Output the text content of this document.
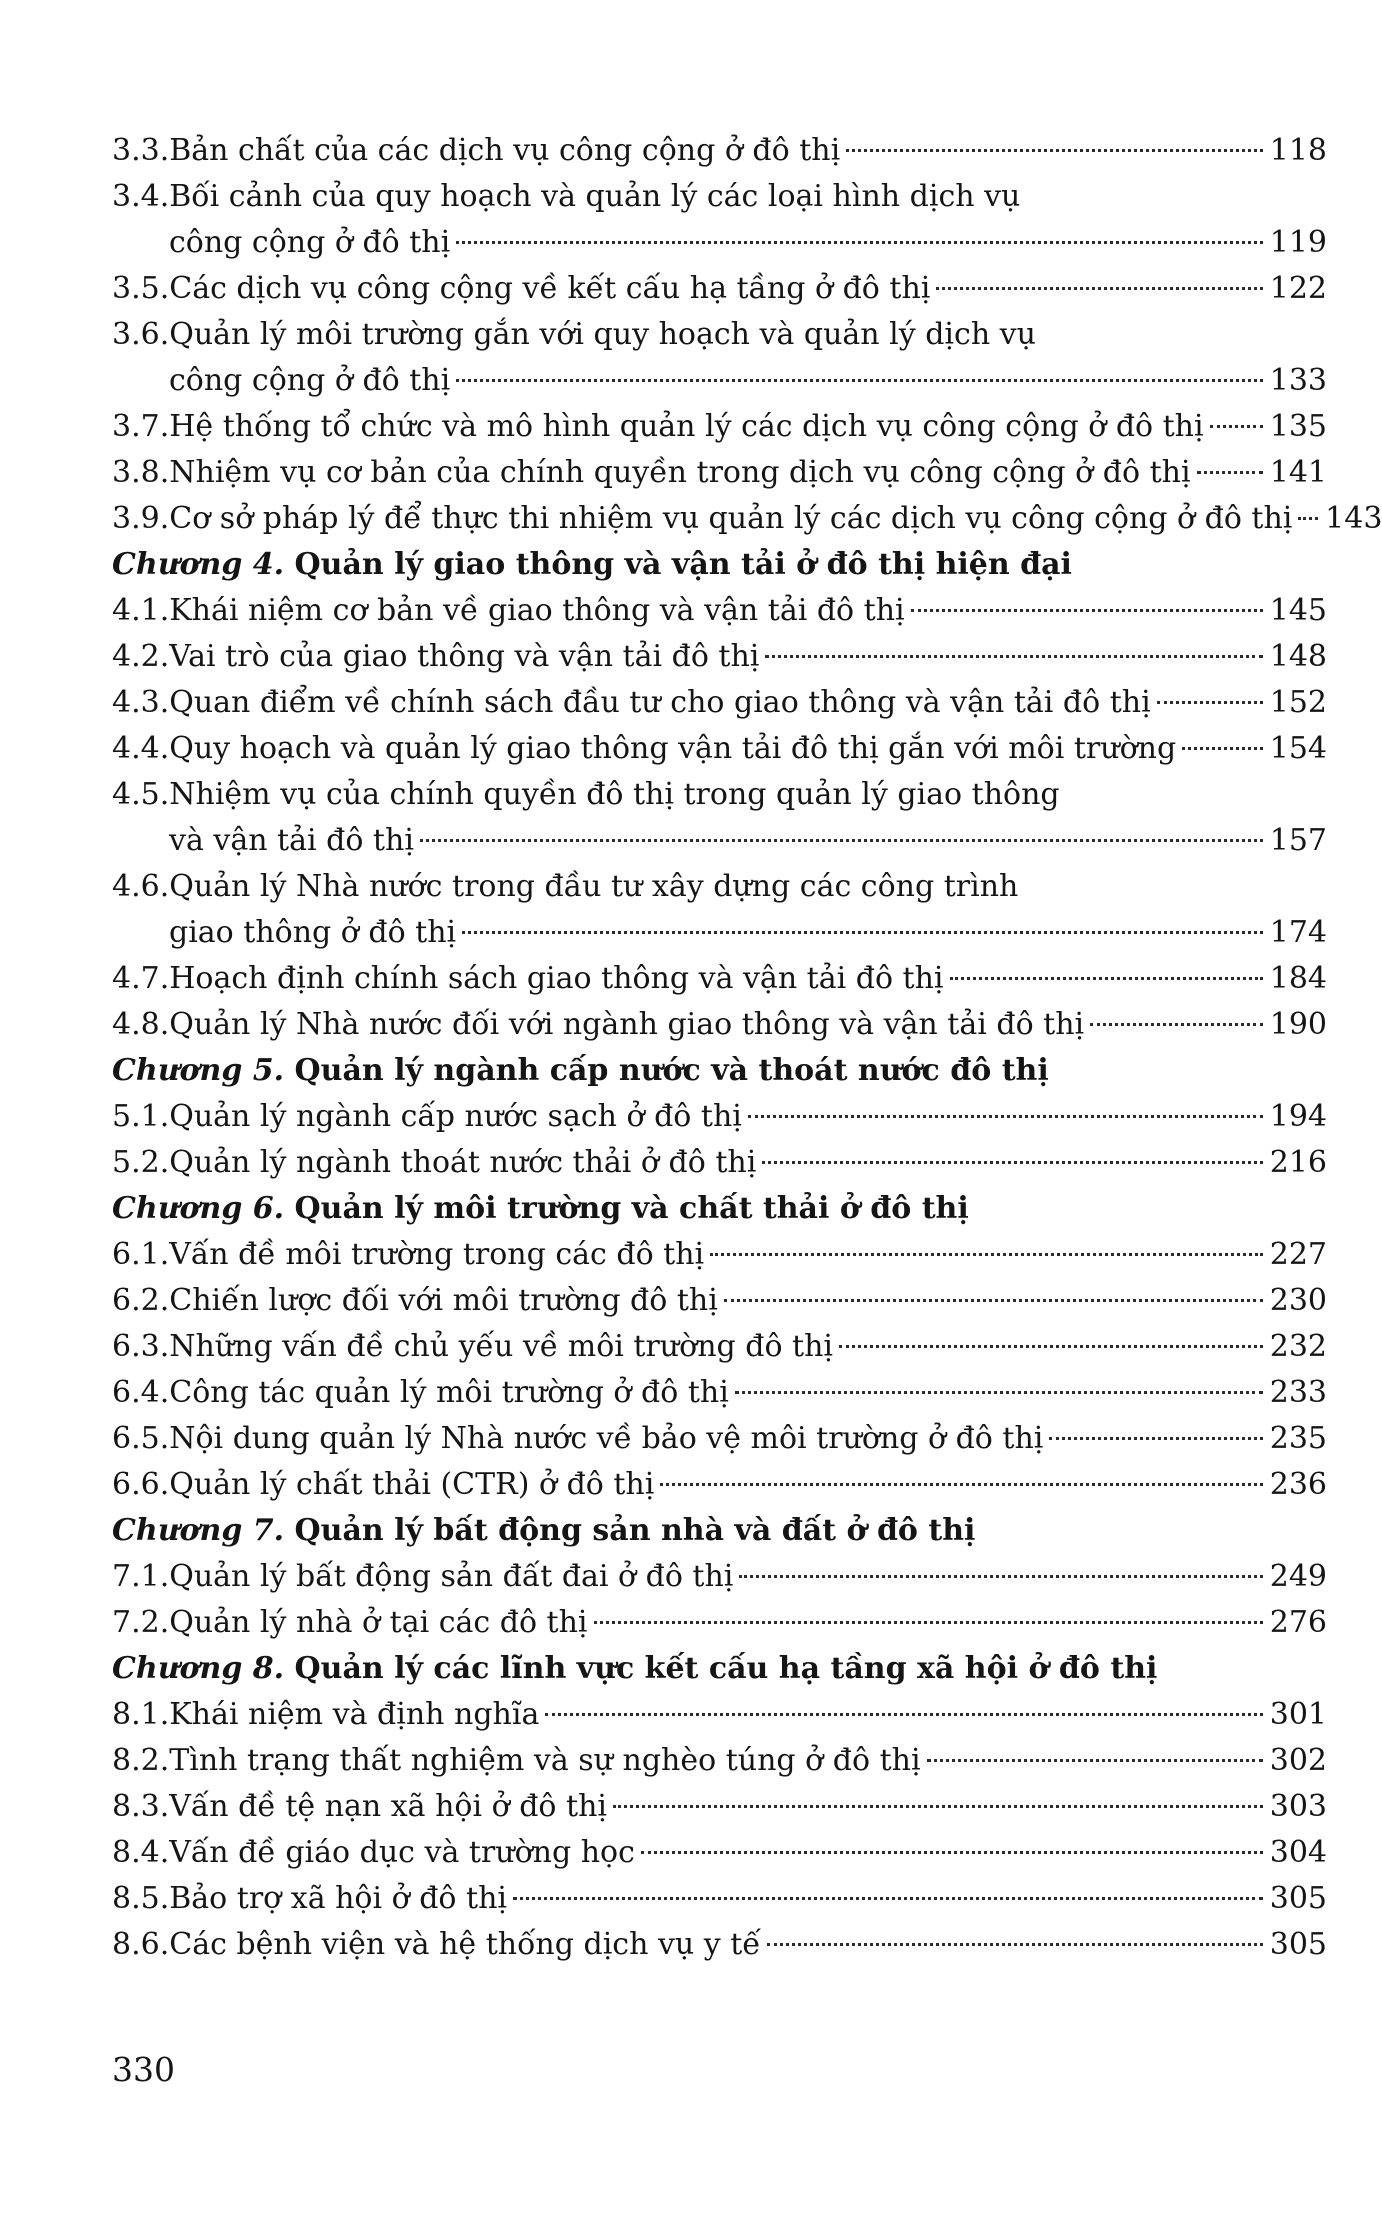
3.3. Bản chất của các dịch vụ công cộng ở đô thị	118
3.4. Bối cảnh của quy hoạch và quản lý các loại hình dịch vụ
công cộng ở đô thị	119
3.5. Các dịch vụ công cộng về kết cấu hạ tầng ở đô thị	122
3.6. Quản lý môi trường gắn với quy hoạch và quản lý dịch vụ
công cộng ở đô thị	133
3.7. Hệ thống tổ chức và mô hình quản lý các dịch vụ công cộng ở đô thị 135
3.8. Nhiệm vụ cơ bản của chính quyền trong dịch vụ công cộng ở đô thị	141
3.9. Cơ sở pháp lý để thực thi nhiệm vụ quản lý các dịch vụ công cộng ở đô thị 143
Chương 4. Quản lý giao thông và vận tải ở đô thị hiện đại
4.1. Khái niệm cơ bản về giao thông và vận tải đô thị	145
4.2. Vai trò của giao thông và vận tải đô thị	148
4.3. Quan điểm về chính sách đầu tư cho giao thông và vận tải đô thị	152
4.4. Quy hoạch và quản lý giao thông vận tải đô thị gắn với môi trường	154
4.5. Nhiệm vụ của chính quyền đô thị trong quản lý giao thông
và vận tải đô thị	157
4.6. Quản lý Nhà nước trong đầu tư xây dựng các công trình
giao thông ở đô thị	174
4.7. Hoạch định chính sách giao thông và vận tải đô thị	184
4.8. Quản lý Nhà nước đối với ngành giao thông và vận tải đô thị	190
Chương 5. Quản lý ngành cấp nước và thoát nước đô thị
5.1. Quản lý ngành cấp nước sạch ở đô thị	194
5.2. Quản lý ngành thoát nước thải ở đô thị	216
Chương 6. Quản lý môi trường và chất thải ở đô thị
6.1. Vấn đề môi trường trong các đô thị	227
6.2. Chiến lược đối với môi trường đô thị	230
6.3. Những vấn đề chủ yếu về môi trường đô thị	232
6.4. Công tác quản lý môi trường ở đô thị	233
6.5. Nội dung quản lý Nhà nước về bảo vệ môi trường ở đô thị	235
6.6. Quản lý chất thải (CTR) ở đô thị	236
Chương 7. Quản lý bất động sản nhà và đất ở đô thị
7.1. Quản lý bất động sản đất đai ở đô thị	249
7.2. Quản lý nhà ở tại các đô thị	276
Chương 8. Quản lý các lĩnh vực kết cấu hạ tầng xã hội ở đô thị
8.1. Khái niệm và định nghĩa	301
8.2. Tình trạng thất nghiệm và sự nghèo túng ở đô thị	302
8.3. Vấn đề tệ nạn xã hội ở đô thị	303
8.4. Vấn đề giáo dục và trường học	304
8.5. Bảo trợ xã hội ở đô thị	305
8.6. Các bệnh viện và hệ thống dịch vụ y tế	305
330
